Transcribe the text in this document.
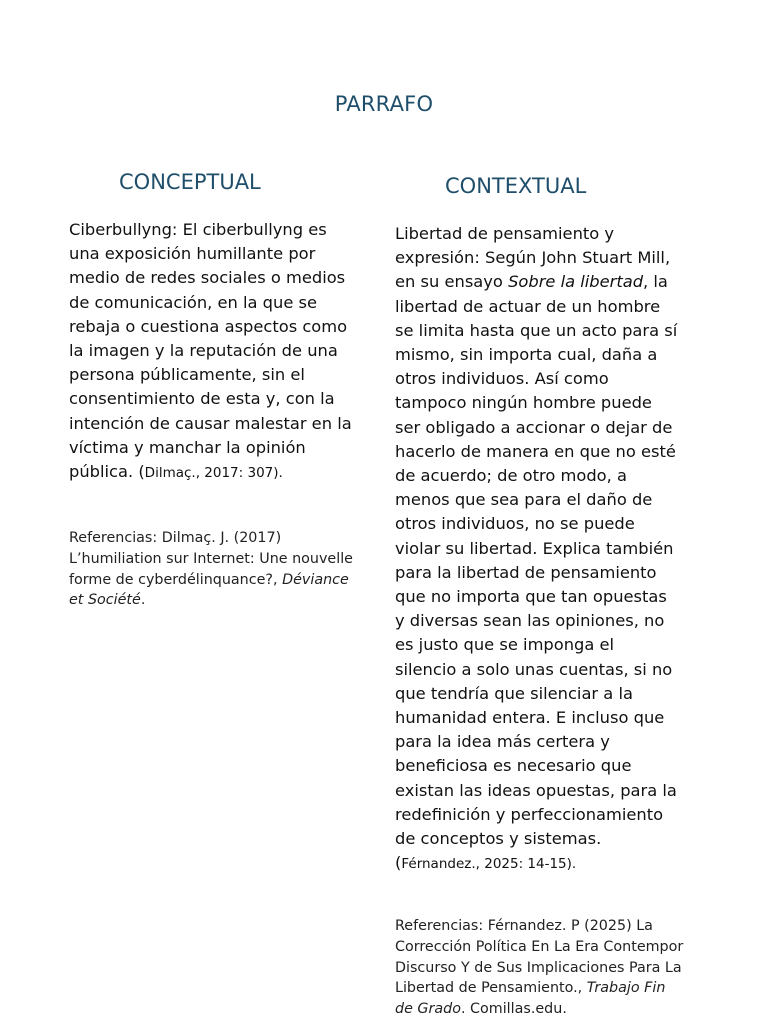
PARRAFO
CONCEPTUAL	CONTEXTUAL
Ciberbullyng: El ciberbullyng es
una exposición humillante por
medio de redes sociales o medios
de comunicación, en la que se
rebaja o cuestiona aspectos como
la imagen y la reputación de una
persona públicamente, sin el
consentimiento de esta y, con la
intención de causar malestar en la
víctima y manchar la opinión
pública. (Dilmaç., 2017: 307).
Referencias: Dilmaç. J. (2017)
L’humiliation sur Internet: Une nouvelle
forme de cyberdélinquance?, Déviance
et Société.
Libertad de pensamiento y
expresión: Según John Stuart Mill,
en su ensayo Sobre la libertad, la
libertad de actuar de un hombre
se limita hasta que un acto para sí
mismo, sin importa cual, daña a
otros individuos. Así como
tampoco ningún hombre puede
ser obligado a accionar o dejar de
hacerlo de manera en que no esté
de acuerdo; de otro modo, a
menos que sea para el daño de
otros individuos, no se puede
violar su libertad. Explica también
para la libertad de pensamiento
que no importa que tan opuestas
y diversas sean las opiniones, no
es justo que se imponga el
silencio a solo unas cuentas, si no
que tendría que silenciar a la
humanidad entera. E incluso que
para la idea más certera y
beneficiosa es necesario que
existan las ideas opuestas, para la
redefinición y perfeccionamiento
de conceptos y sistemas.
(Férnandez., 2025: 14-15).
Referencias: Férnandez. P (2025) La
Corrección Política En La Era Contempor
Discurso Y de Sus Implicaciones Para La
Libertad de Pensamiento., Trabajo Fin
de Grado. Comillas.edu.
